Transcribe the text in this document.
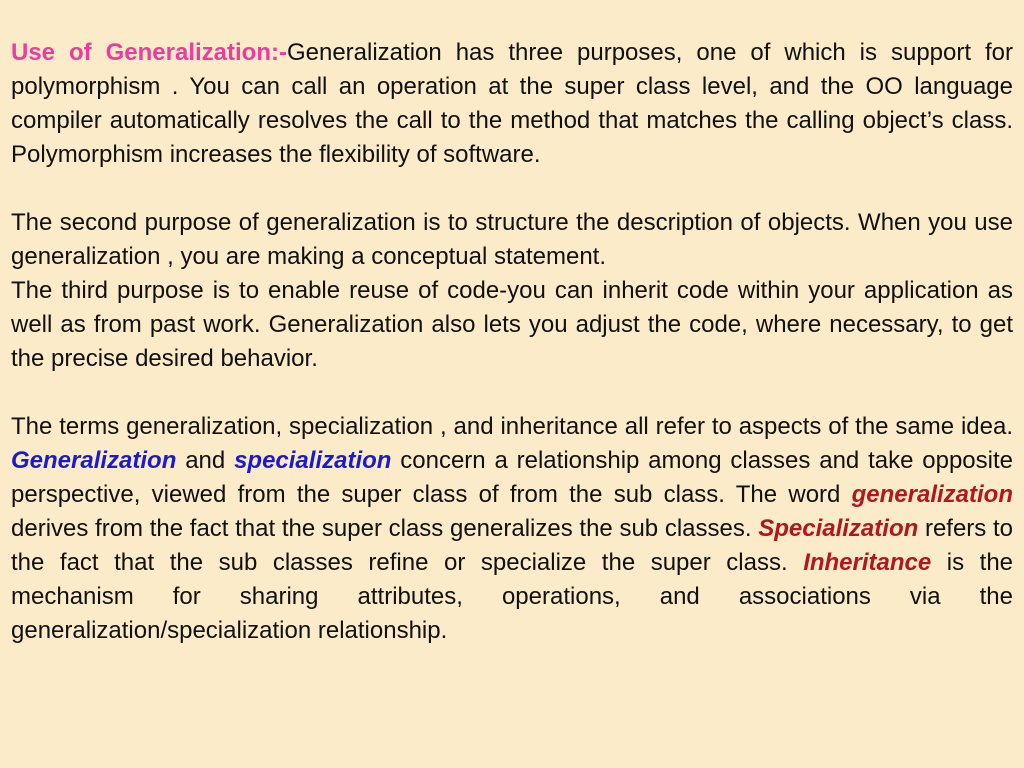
Use of Generalization:-Generalization has three purposes, one of which is support for polymorphism . You can call an operation at the super class level, and the OO language compiler automatically resolves the call to the method that matches the calling object’s class. Polymorphism increases the flexibility of software.

The second purpose of generalization is to structure the description of objects. When you use generalization , you are making a conceptual statement.

The third purpose is to enable reuse of code-you can inherit code within your application as well as from past work. Generalization also lets you adjust the code, where necessary, to get the precise desired behavior.

The terms generalization, specialization , and inheritance all refer to aspects of the same idea. Generalization and specialization concern a relationship among classes and take opposite perspective, viewed from the super class of from the sub class. The word generalization derives from the fact that the super class generalizes the sub classes. Specialization refers to the fact that the sub classes refine or specialize the super class. Inheritance is the mechanism for sharing attributes, operations, and associations via the generalization/specialization relationship.
